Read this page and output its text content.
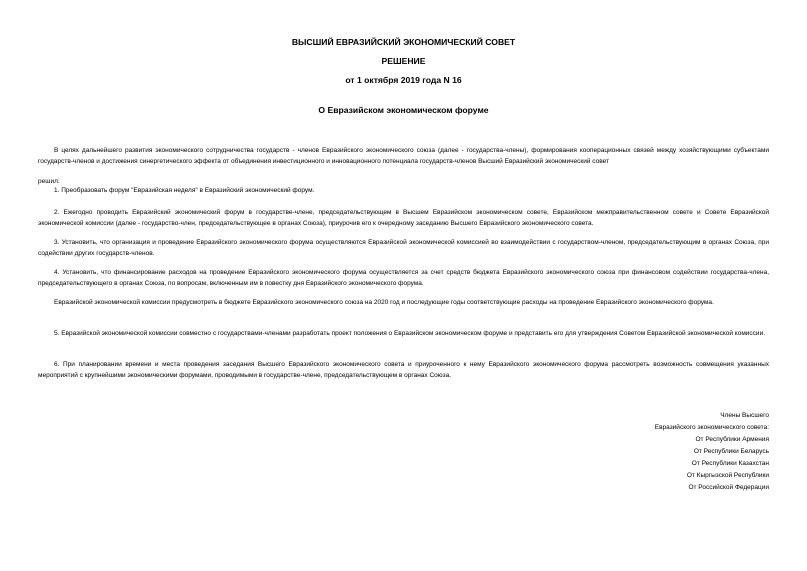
ВЫСШИЙ ЕВРАЗИЙСКИЙ ЭКОНОМИЧЕСКИЙ СОВЕТ
РЕШЕНИЕ
от 1 октября 2019 года N 16
О Евразийском экономическом форуме

В целях дальнейшего развития экономического сотрудничества государств - членов Евразийского экономического союза (далее - государства-члены), формирования кооперационных связей между хозяйствующими субъектами государств-членов и достижения синергетического эффекта от объединения инвестиционного и инновационного потенциала государств-членов Высший Евразийский экономический совет

решил:
1. Преобразовать форум "Евразийская неделя" в Евразийский экономический форум.

2. Ежегодно проводить Евразийский экономический форум в государстве-члене, председательствующем в Высшем Евразийском экономическом совете, Евразийском межправительственном совете и Совете Евразийской экономической комиссии (далее - государство-член, председательствующее в органах Союза), приурочив его к очередному заседанию Высшего Евразийского экономического совета.

3. Установить, что организация и проведение Евразийского экономического форума осуществляются Евразийской экономической комиссией во взаимодействии с государством-членом, председательствующим в органах Союза, при содействии других государств-членов.

4. Установить, что финансирование расходов на проведение Евразийского экономического форума осуществляется за счет средств бюджета Евразийского экономического союза при финансовом содействии государства-члена, председательствующего в органах Союза, по вопросам, включенным им в повестку дня Евразийского экономического форума.

Евразийской экономической комиссии предусмотреть в бюджете Евразийского экономического союза на 2020 год и последующие годы соответствующие расходы на проведение Евразийского экономического форума.

5. Евразийской экономической комиссии совместно с государствами-членами разработать проект положения о Евразийском экономическом форуме и представить его для утверждения Советом Евразийской экономической комиссии.

6. При планировании времени и места проведения заседания Высшего Евразийского экономического совета и приуроченного к нему Евразийского экономического форума рассмотреть возможность совмещения указанных мероприятий с крупнейшими экономическими форумами, проводимыми в государстве-члене, председательствующем в органах Союза.

Члены Высшего
Евразийского экономического совета:
От Республики Армения
От Республики Беларусь
От Республики Казахстан
От Кыргызской Республики
От Российской Федерации
